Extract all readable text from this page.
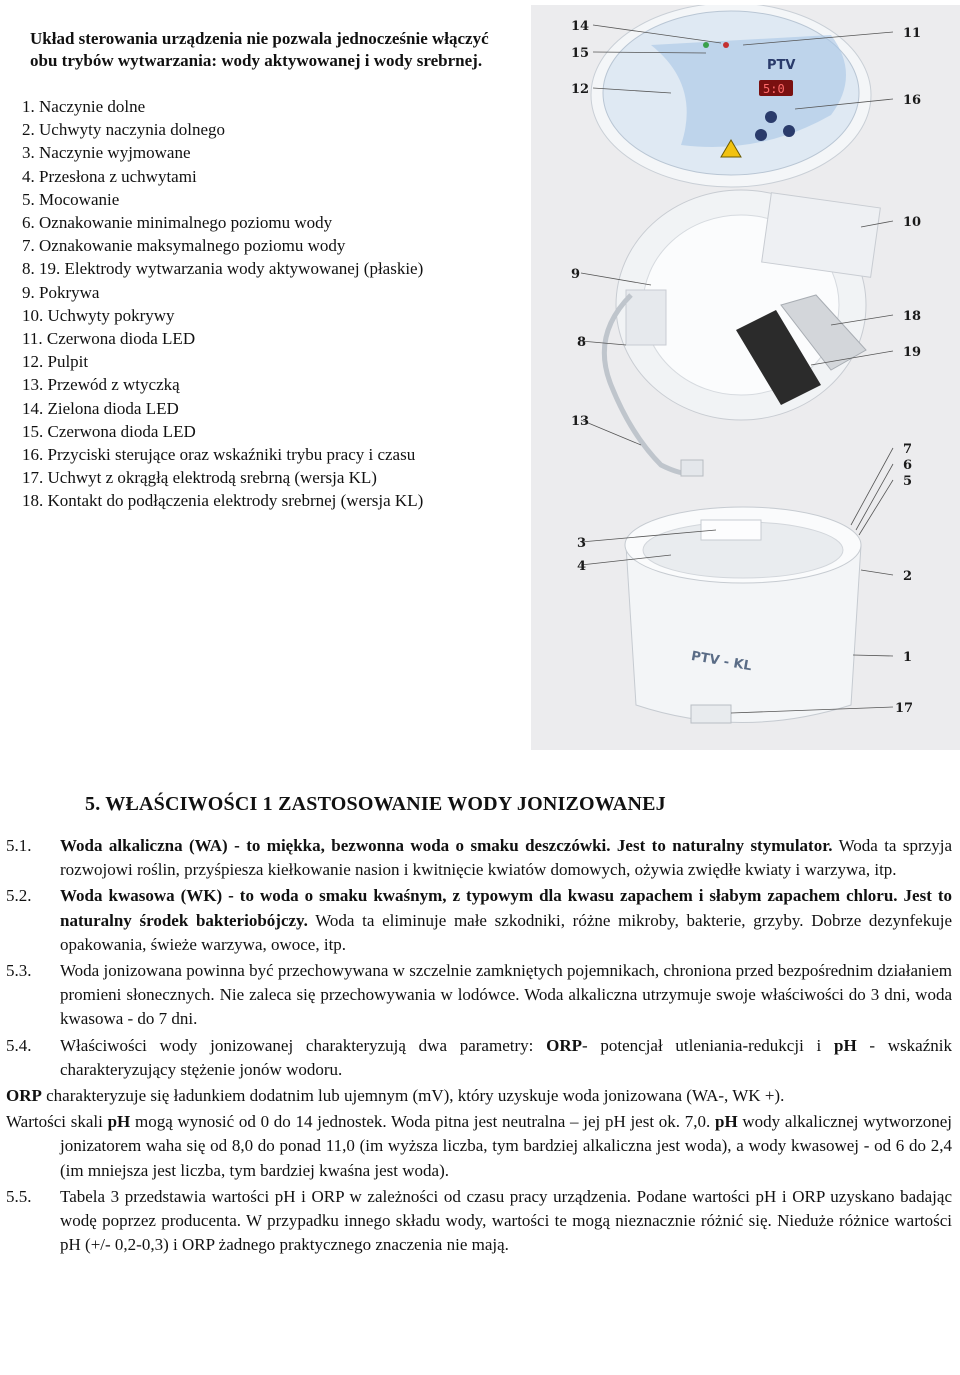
Układ sterowania urządzenia nie pozwala jednocześnie włączyć obu trybów wytwarzania: wody aktywowanej i wody srebrnej.
1. Naczynie dolne
2. Uchwyty naczynia dolnego
3. Naczynie wyjmowane
4. Przesłona z uchwytami
5. Mocowanie
6. Oznakowanie minimalnego poziomu wody
7. Oznakowanie maksymalnego poziomu wody
8. 19. Elektrody wytwarzania wody aktywowanej (płaskie)
9. Pokrywa
10. Uchwyty pokrywy
11. Czerwona dioda LED
12. Pulpit
13. Przewód z wtyczką
14. Zielona dioda LED
15. Czerwona dioda LED
16. Przyciski sterujące oraz wskaźniki trybu pracy i czasu
17. Uchwyt z okrągłą elektrodą srebrną (wersja KL)
18. Kontakt do podłączenia elektrody srebrnej (wersja KL)
PTV
5:0
PTV - KL
14
15
12
9
8
13
3
4
11
16
10
18
19
7
6
5
2
1
17
5. WŁAŚCIWOŚCI 1 ZASTOSOWANIE WODY JONIZOWANEJ
5.1. Woda alkaliczna (WA) - to miękka, bezwonna woda o smaku deszczówki. Jest to naturalny stymulator. Woda ta sprzyja rozwojowi roślin, przyśpiesza kiełkowanie nasion i kwitnięcie kwiatów domowych, ożywia zwiędłe kwiaty i warzywa, itp.
5.2. Woda kwasowa (WK) - to woda o smaku kwaśnym, z typowym dla kwasu zapachem i słabym zapachem chloru. Jest to naturalny środek bakteriobójczy. Woda ta eliminuje małe szkodniki, różne mikroby, bakterie, grzyby. Dobrze dezynfekuje opakowania, świeże warzywa, owoce, itp.
5.3. Woda jonizowana powinna być przechowywana w szczelnie zamkniętych pojemnikach, chroniona przed bezpośrednim działaniem promieni słonecznych. Nie zaleca się przechowywania w lodówce. Woda alkaliczna utrzymuje swoje właściwości do 3 dni, woda kwasowa - do 7 dni.
5.4. Właściwości wody jonizowanej charakteryzują dwa parametry: ORP- potencjał utleniania-redukcji i pH - wskaźnik charakteryzujący stężenie jonów wodoru.
ORP charakteryzuje się ładunkiem dodatnim lub ujemnym (mV), który uzyskuje woda jonizowana (WA-, WK +).
Wartości skali pH mogą wynosić od 0 do 14 jednostek. Woda pitna jest neutralna – jej pH jest ok. 7,0. pH wody alkalicznej wytworzonej jonizatorem waha się od 8,0 do ponad 11,0 (im wyższa liczba, tym bardziej alkaliczna jest woda), a wody kwasowej - od 6 do 2,4 (im mniejsza jest liczba, tym bardziej kwaśna jest woda).
5.5. Tabela 3 przedstawia wartości pH i ORP w zależności od czasu pracy urządzenia. Podane wartości pH i ORP uzyskano badając wodę poprzez producenta. W przypadku innego składu wody, wartości te mogą nieznacznie różnić się. Nieduże różnice wartości pH (+/- 0,2-0,3) i ORP żadnego praktycznego znaczenia nie mają.
